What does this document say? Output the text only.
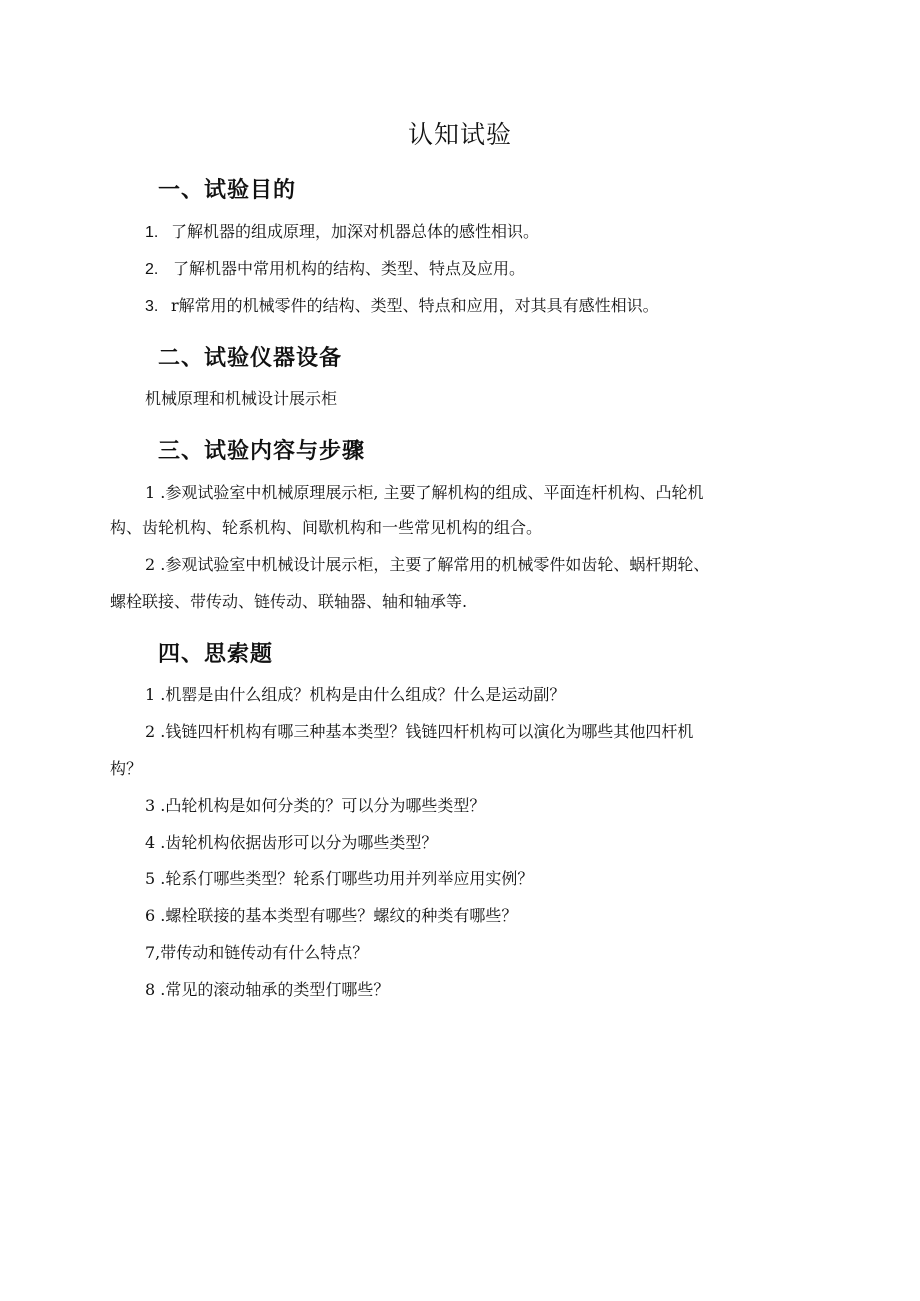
认知试验
一、试验目的
1. 了解机器的组成原理，加深对机器总体的感性相识。
2. 了解机器中常用机构的结构、类型、特点及应用。
3. r解常用的机械零件的结构、类型、特点和应用，对其具有感性相识。
二、试验仪器设备
机械原理和机械设计展示柜
三、试验内容与步骤
1 .参观试验室中机械原理展示柜, 主要了解机构的组成、平面连杆机构、凸轮机
构、齿轮机构、轮系机构、间歇机构和一些常见机构的组合。
2 .参观试验室中机械设计展示柜，主要了解常用的机械零件如齿轮、蜗杆期轮、
螺栓联接、带传动、链传动、联轴器、轴和轴承等.
四、思索题
1 .机罂是由什么组成？机构是由什么组成？什么是运动副？
2 .钱链四杆机构有哪三种基本类型？钱链四杆机构可以演化为哪些其他四杆机
构？
3 .凸轮机构是如何分类的？可以分为哪些类型？
4 .齿轮机构依据齿形可以分为哪些类型？
5 .轮系仃哪些类型？轮系仃哪些功用并列举应用实例？
6 .螺栓联接的基本类型有哪些？螺纹的种类有哪些？
7,带传动和链传动有什么特点？
8 .常见的滚动轴承的类型仃哪些？
